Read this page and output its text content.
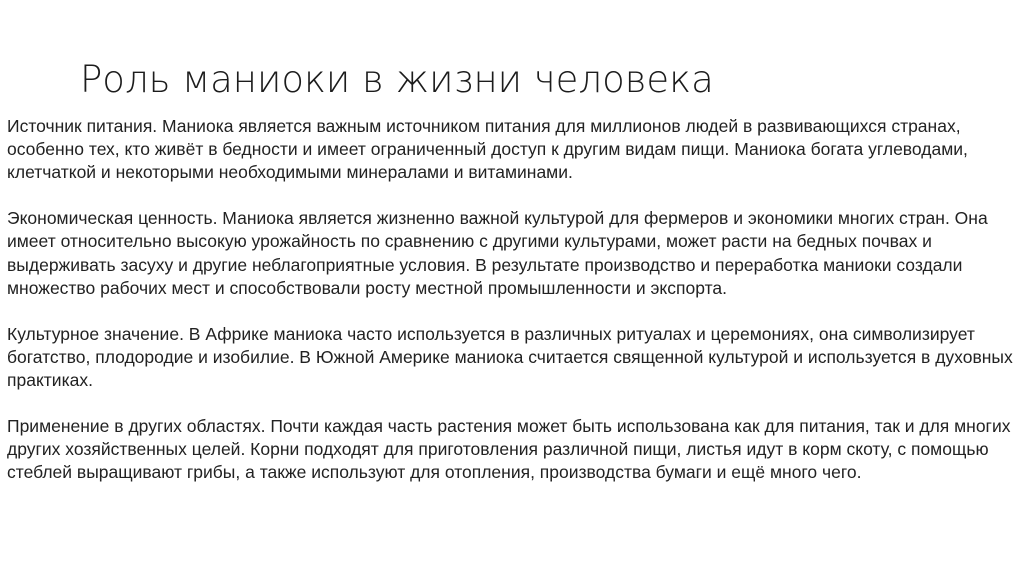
Роль маниоки в жизни человека

Источник питания. Маниока является важным источником питания для миллионов людей в развивающихся странах, особенно тех, кто живёт в бедности и имеет ограниченный доступ к другим видам пищи. Маниока богата углеводами, клетчаткой и некоторыми необходимыми минералами и витаминами.

Экономическая ценность. Маниока является жизненно важной культурой для фермеров и экономики многих стран. Она имеет относительно высокую урожайность по сравнению с другими культурами, может расти на бедных почвах и выдерживать засуху и другие неблагоприятные условия. В результате производство и переработка маниоки создали множество рабочих мест и способствовали росту местной промышленности и экспорта.

Культурное значение. В Африке маниока часто используется в различных ритуалах и церемониях, она символизирует богатство, плодородие и изобилие. В Южной Америке маниока считается священной культурой и используется в духовных практиках.

Применение в других областях. Почти каждая часть растения может быть использована как для питания, так и для многих других хозяйственных целей. Корни подходят для приготовления различной пищи, листья идут в корм скоту, с помощью стеблей выращивают грибы, а также используют для отопления, производства бумаги и ещё много чего.
